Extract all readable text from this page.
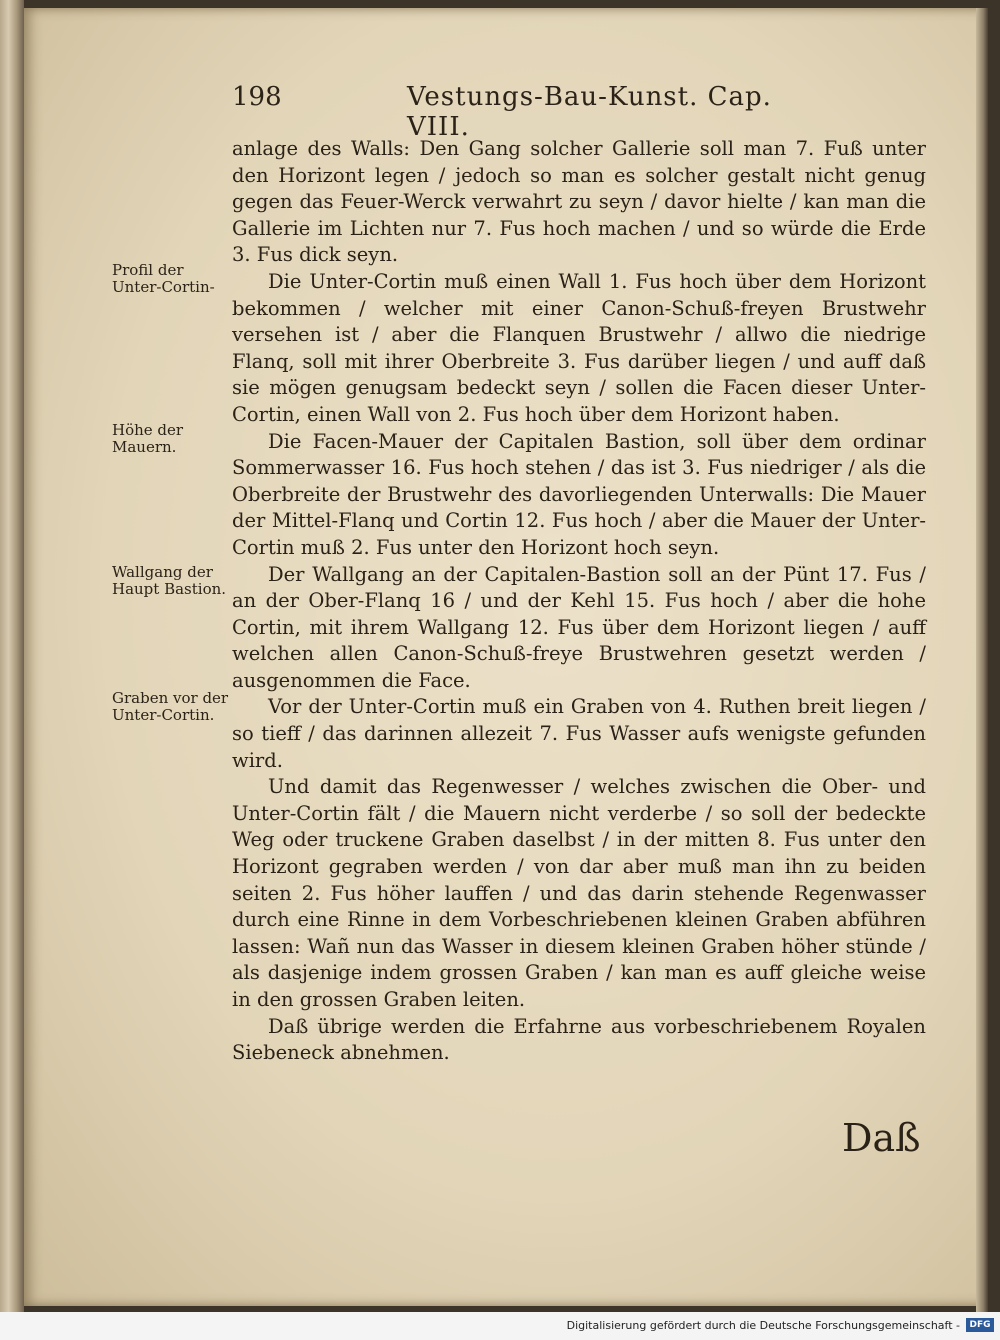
198	Vestungs-Bau-Kunst. Cap. VIII.
Profil der Unter-Cortin-
Höhe der Mauern.
Wallgang der Haupt Bastion.
Graben vor der Unter-Cortin.

anlage des Walls: Den Gang solcher Gallerie soll man 7. Fuß unter den Horizont legen / jedoch so man es solcher gestalt nicht genug gegen das Feuer-Werck verwahrt zu seyn / davor hielte / kan man die Gallerie im Lichten nur 7. Fus hoch machen / und so würde die Erde 3. Fus dick seyn.

Die Unter-Cortin muß einen Wall 1. Fus hoch über dem Horizont bekommen / welcher mit einer Canon-Schuß-freyen Brustwehr versehen ist / aber die Flanquen Brustwehr / allwo die niedrige Flanq, soll mit ihrer Oberbreite 3. Fus darüber liegen / und auff daß sie mögen genugsam bedeckt seyn / sollen die Facen dieser Unter-Cortin, einen Wall von 2. Fus hoch über dem Horizont haben.

Die Facen-Mauer der Capitalen Bastion, soll über dem ordinar Sommerwasser 16. Fus hoch stehen / das ist 3. Fus niedriger / als die Oberbreite der Brustwehr des davorliegenden Unterwalls: Die Mauer der Mittel-Flanq und Cortin 12. Fus hoch / aber die Mauer der Unter-Cortin muß 2. Fus unter den Horizont hoch seyn.

Der Wallgang an der Capitalen-Bastion soll an der Pünt 17. Fus / an der Ober-Flanq 16 / und der Kehl 15. Fus hoch / aber die hohe Cortin, mit ihrem Wallgang 12. Fus über dem Horizont liegen / auff welchen allen Canon-Schuß-freye Brustwehren gesetzt werden / ausgenommen die Face.

Vor der Unter-Cortin muß ein Graben von 4. Ruthen breit liegen / so tieff / das darinnen allezeit 7. Fus Wasser aufs wenigste gefunden wird.

Und damit das Regenwesser / welches zwischen die Ober- und Unter-Cortin fält / die Mauern nicht verderbe / so soll der bedeckte Weg oder truckene Graben daselbst / in der mitten 8. Fus unter den Horizont gegraben werden / von dar aber muß man ihn zu beiden seiten 2. Fus höher lauffen / und das darin stehende Regenwasser durch eine Rinne in dem Vorbeschriebenen kleinen Graben abführen lassen: Wañ nun das Wasser in diesem kleinen Graben höher stünde / als dasjenige indem grossen Graben / kan man es auff gleiche weise in den grossen Graben leiten.

Daß übrige werden die Erfahrne aus vorbeschriebenem Royalen Siebeneck abnehmen.

Daß
Digitalisierung gefördert durch die Deutsche Forschungsgemeinschaft -	DFG
